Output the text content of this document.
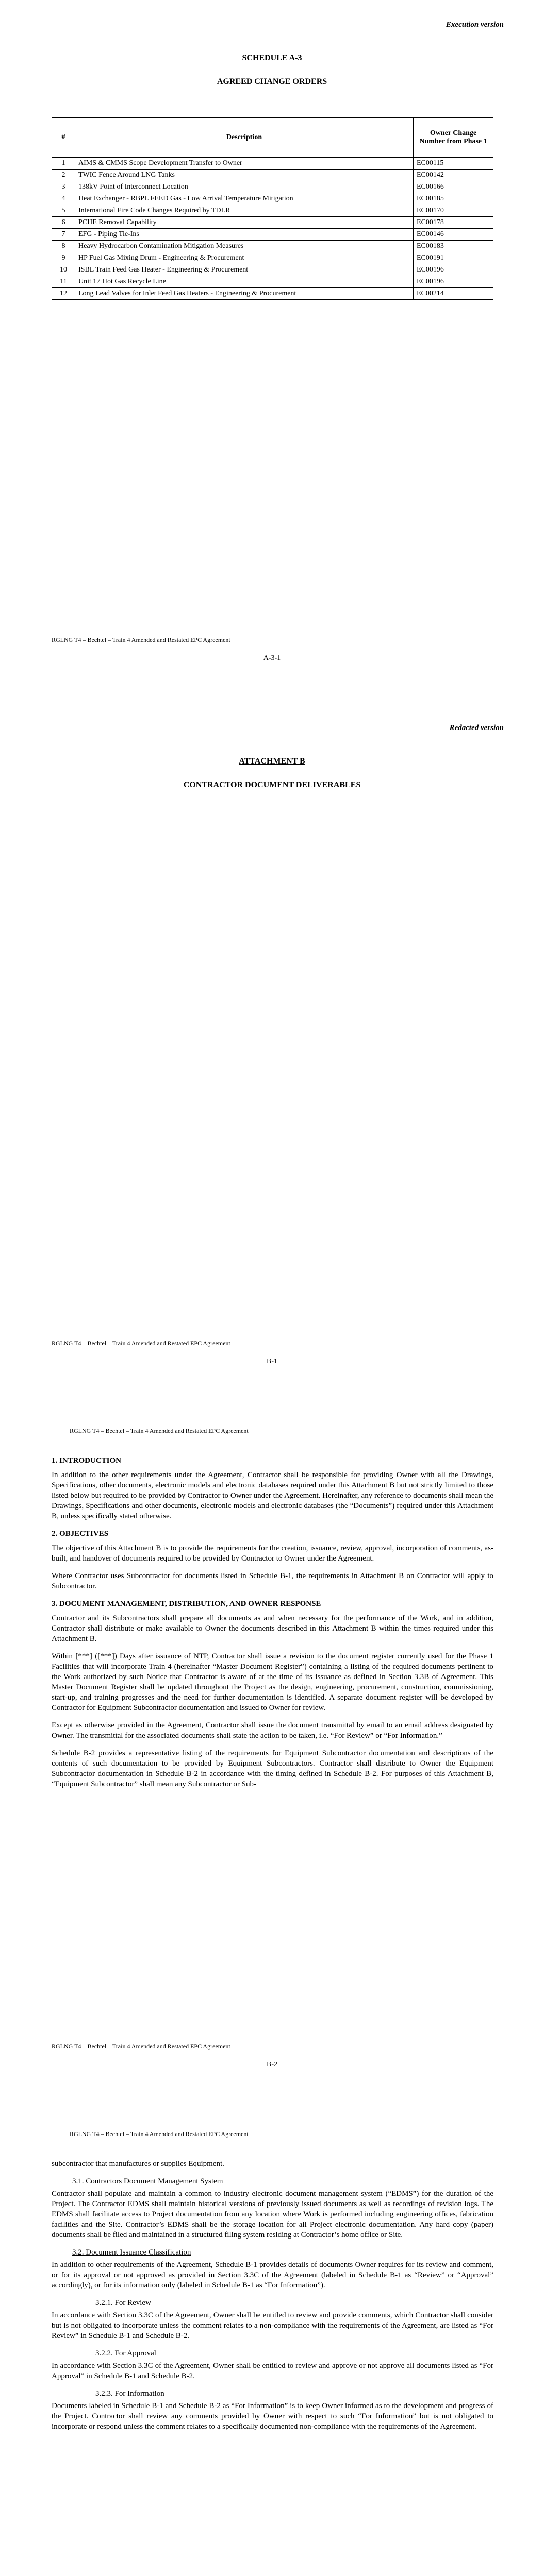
Execution version
SCHEDULE A-3
AGREED CHANGE ORDERS
#	Description	Owner Change Number from Phase 1
1	AIMS & CMMS Scope Development Transfer to Owner	EC00115
2	TWIC Fence Around LNG Tanks	EC00142
3	138kV Point of Interconnect Location	EC00166
4	Heat Exchanger - RBPL FEED Gas - Low Arrival Temperature Mitigation	EC00185
5	International Fire Code Changes Required by TDLR	EC00170
6	PCHE Removal Capability	EC00178
7	EFG - Piping Tie-Ins	EC00146
8	Heavy Hydrocarbon Contamination Mitigation Measures	EC00183
9	HP Fuel Gas Mixing Drum - Engineering & Procurement	EC00191
10	ISBL Train Feed Gas Heater - Engineering & Procurement	EC00196
11	Unit 17 Hot Gas Recycle Line	EC00196
12	Long Lead Valves for Inlet Feed Gas Heaters - Engineering & Procurement	EC00214
RGLNG T4 – Bechtel – Train 4 Amended and Restated EPC Agreement
A-3-1
Redacted version
ATTACHMENT B
CONTRACTOR DOCUMENT DELIVERABLES
RGLNG T4 – Bechtel – Train 4 Amended and Restated EPC Agreement
B-1
RGLNG T4 – Bechtel – Train 4 Amended and Restated EPC Agreement
1. INTRODUCTION

In addition to the other requirements under the Agreement, Contractor shall be responsible for providing Owner with all the Drawings, Specifications, other documents, electronic models and electronic databases required under this Attachment B but not strictly limited to those listed below but required to be provided by Contractor to Owner under the Agreement. Hereinafter, any reference to documents shall mean the Drawings, Specifications and other documents, electronic models and electronic databases (the “Documents”) required under this Attachment B, unless specifically stated otherwise.

2. OBJECTIVES

The objective of this Attachment B is to provide the requirements for the creation, issuance, review, approval, incorporation of comments, as-built, and handover of documents required to be provided by Contractor to Owner under the Agreement.

Where Contractor uses Subcontractor for documents listed in Schedule B-1, the requirements in Attachment B on Contractor will apply to Subcontractor.

3. DOCUMENT MANAGEMENT, DISTRIBUTION, AND OWNER RESPONSE

Contractor and its Subcontractors shall prepare all documents as and when necessary for the performance of the Work, and in addition, Contractor shall distribute or make available to Owner the documents described in this Attachment B within the times required under this Attachment B.

Within [***] ([***]) Days after issuance of NTP, Contractor shall issue a revision to the document register currently used for the Phase 1 Facilities that will incorporate Train 4 (hereinafter “Master Document Register”) containing a listing of the required documents pertinent to the Work authorized by such Notice that Contractor is aware of at the time of its issuance as defined in Section 3.3B of Agreement. This Master Document Register shall be updated throughout the Project as the design, engineering, procurement, construction, commissioning, start-up, and training progresses and the need for further documentation is identified. A separate document register will be developed by Contractor for Equipment Subcontractor documentation and issued to Owner for review.

Except as otherwise provided in the Agreement, Contractor shall issue the document transmittal by email to an email address designated by Owner. The transmittal for the associated documents shall state the action to be taken, i.e. “For Review” or “For Information.”

Schedule B-2 provides a representative listing of the requirements for Equipment Subcontractor documentation and descriptions of the contents of such documentation to be provided by Equipment Subcontractors. Contractor shall distribute to Owner the Equipment Subcontractor documentation in Schedule B-2 in accordance with the timing defined in Schedule B-2. For purposes of this Attachment B, “Equipment Subcontractor” shall mean any Subcontractor or Sub-

RGLNG T4 – Bechtel – Train 4 Amended and Restated EPC Agreement
B-2
RGLNG T4 – Bechtel – Train 4 Amended and Restated EPC Agreement

subcontractor that manufactures or supplies Equipment.

3.1. Contractors Document Management System

Contractor shall populate and maintain a common to industry electronic document management system (“EDMS”) for the duration of the Project. The Contractor EDMS shall maintain historical versions of previously issued documents as well as recordings of revision logs. The EDMS shall facilitate access to Project documentation from any location where Work is performed including engineering offices, fabrication facilities and the Site. Contractor’s EDMS shall be the storage location for all Project electronic documentation. Any hard copy (paper) documents shall be filed and maintained in a structured filing system residing at Contractor’s home office or Site.

3.2. Document Issuance Classification

In addition to other requirements of the Agreement, Schedule B-1 provides details of documents Owner requires for its review and comment, or for its approval or not approved as provided in Section 3.3C of the Agreement (labeled in Schedule B-1 as “Review” or “Approval” accordingly), or for its information only (labeled in Schedule B-1 as “For Information”).

3.2.1. For Review

In accordance with Section 3.3C of the Agreement, Owner shall be entitled to review and provide comments, which Contractor shall consider but is not obligated to incorporate unless the comment relates to a non-compliance with the requirements of the Agreement, are listed as “For Review” in Schedule B-1 and Schedule B-2.

3.2.2. For Approval

In accordance with Section 3.3C of the Agreement, Owner shall be entitled to review and approve or not approve all documents listed as “For Approval” in Schedule B-1 and Schedule B-2.

3.2.3. For Information

Documents labeled in Schedule B-1 and Schedule B-2 as “For Information” is to keep Owner informed as to the development and progress of the Project. Contractor shall review any comments provided by Owner with respect to such “For Information” but is not obligated to incorporate or respond unless the comment relates to a specifically documented non-compliance with the requirements of the Agreement.
